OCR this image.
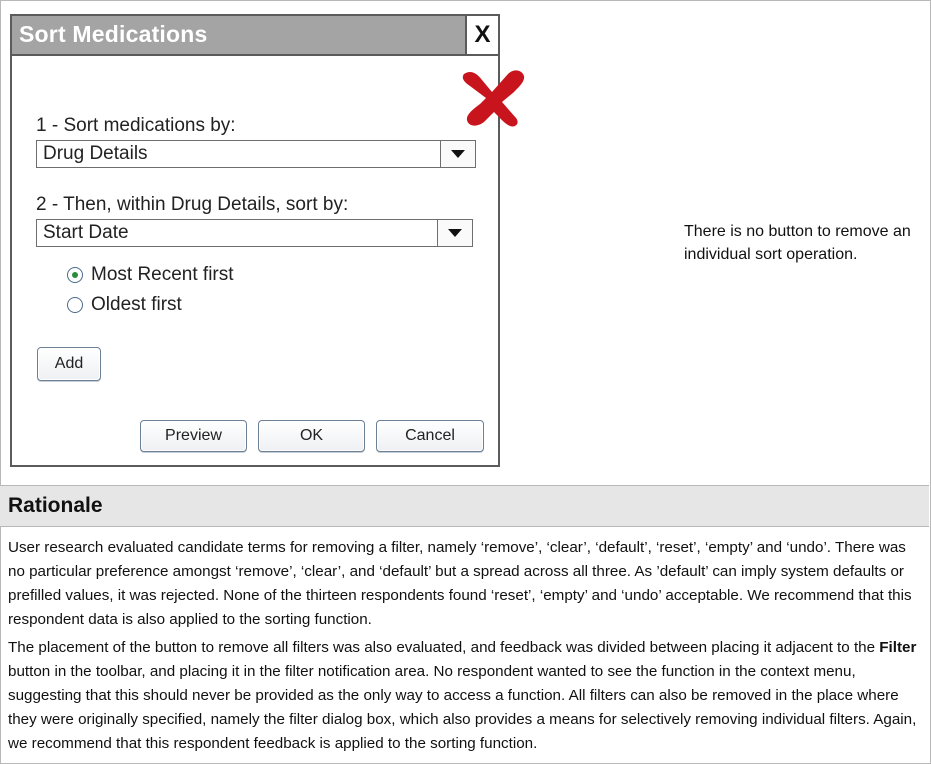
Sort Medications	X
1 - Sort medications by:
Drug Details
2 - Then, within Drug Details, sort by:
Start Date
Most Recent first
Oldest first
Add
Preview	OK	Cancel
There is no button to remove an individual sort operation.
Rationale
User research evaluated candidate terms for removing a filter, namely ‘remove’, ‘clear’, ‘default’, ‘reset’, ‘empty’ and ‘undo’. There was no particular preference amongst ‘remove’, ‘clear’, and ‘default’ but a spread across all three. As ’default’ can imply system defaults or prefilled values, it was rejected. None of the thirteen respondents found ‘reset’, ‘empty’ and ‘undo’ acceptable. We recommend that this respondent data is also applied to the sorting function.
The placement of the button to remove all filters was also evaluated, and feedback was divided between placing it adjacent to the Filter button in the toolbar, and placing it in the filter notification area. No respondent wanted to see the function in the context menu, suggesting that this should never be provided as the only way to access a function. All filters can also be removed in the place where they were originally specified, namely the filter dialog box, which also provides a means for selectively removing individual filters. Again, we recommend that this respondent feedback is applied to the sorting function.
